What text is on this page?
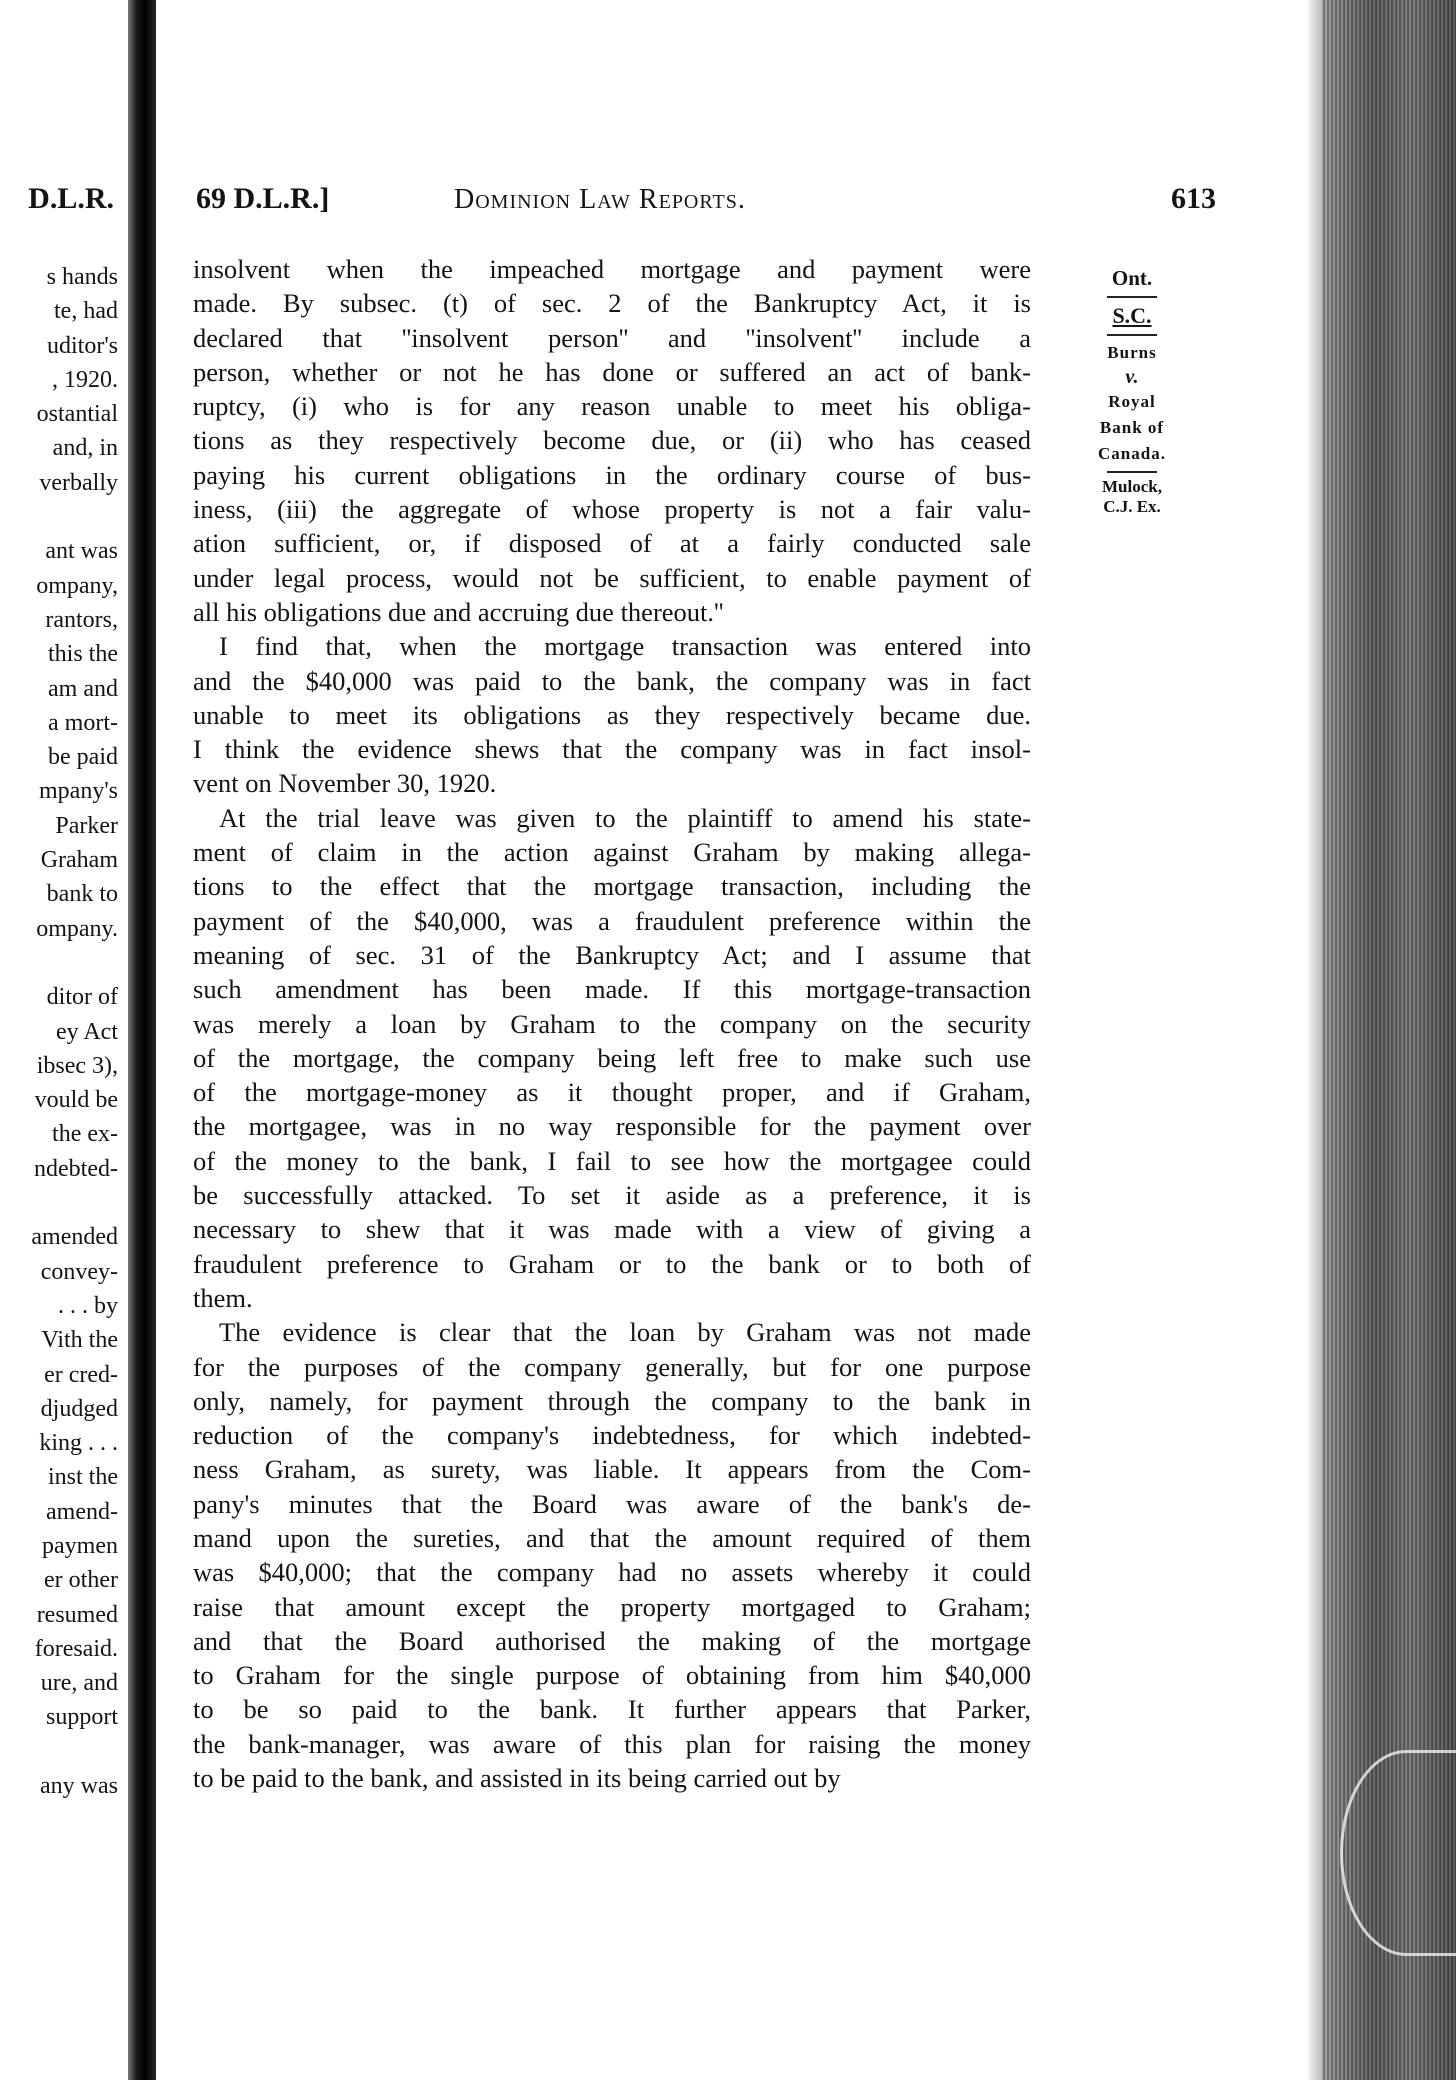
D.L.R.
s hands
te, had
uditor's
, 1920.
ostantial
and, in
verbally
ant was
ompany,
rantors,
this the
am and
a mort-
be paid
mpany's
Parker
Graham
bank to
ompany.
ditor of
ey Act
ibsec 3),
vould be
the ex-
ndebted-
amended
convey-
. . . by
Vith the
er cred-
djudged
king . . .
inst the
amend-
paymen
er other
resumed
foresaid.
ure, and
support
any was
69 D.L.R.]	Dominion Law Reports.	613
insolvent when the impeached mortgage and payment were
made. By subsec. (t) of sec. 2 of the Bankruptcy Act, it is
declared that ''insolvent person'' and ''insolvent'' include a
person, whether or not he has done or suffered an act of bank-
ruptcy, (i) who is for any reason unable to meet his obliga-
tions as they respectively become due, or (ii) who has ceased
paying his current obligations in the ordinary course of bus-
iness, (iii) the aggregate of whose property is not a fair valu-
ation sufficient, or, if disposed of at a fairly conducted sale
under legal process, would not be sufficient, to enable payment of
all his obligations due and accruing due thereout.''
I find that, when the mortgage transaction was entered into
and the $40,000 was paid to the bank, the company was in fact
unable to meet its obligations as they respectively became due.
I think the evidence shews that the company was in fact insol-
vent on November 30, 1920.
At the trial leave was given to the plaintiff to amend his state-
ment of claim in the action against Graham by making allega-
tions to the effect that the mortgage transaction, including the
payment of the $40,000, was a fraudulent preference within the
meaning of sec. 31 of the Bankruptcy Act; and I assume that
such amendment has been made. If this mortgage-transaction
was merely a loan by Graham to the company on the security
of the mortgage, the company being left free to make such use
of the mortgage-money as it thought proper, and if Graham,
the mortgagee, was in no way responsible for the payment over
of the money to the bank, I fail to see how the mortgagee could
be successfully attacked. To set it aside as a preference, it is
necessary to shew that it was made with a view of giving a
fraudulent preference to Graham or to the bank or to both of
them.
The evidence is clear that the loan by Graham was not made
for the purposes of the company generally, but for one purpose
only, namely, for payment through the company to the bank in
reduction of the company's indebtedness, for which indebted-
ness Graham, as surety, was liable. It appears from the Com-
pany's minutes that the Board was aware of the bank's de-
mand upon the sureties, and that the amount required of them
was $40,000; that the company had no assets whereby it could
raise that amount except the property mortgaged to Graham;
and that the Board authorised the making of the mortgage
to Graham for the single purpose of obtaining from him $40,000
to be so paid to the bank. It further appears that Parker,
the bank-manager, was aware of this plan for raising the money
to be paid to the bank, and assisted in its being carried out by
Ont.
S.C.
Burns
v.
Royal
Bank of
Canada.
Mulock,
C.J. Ex.
